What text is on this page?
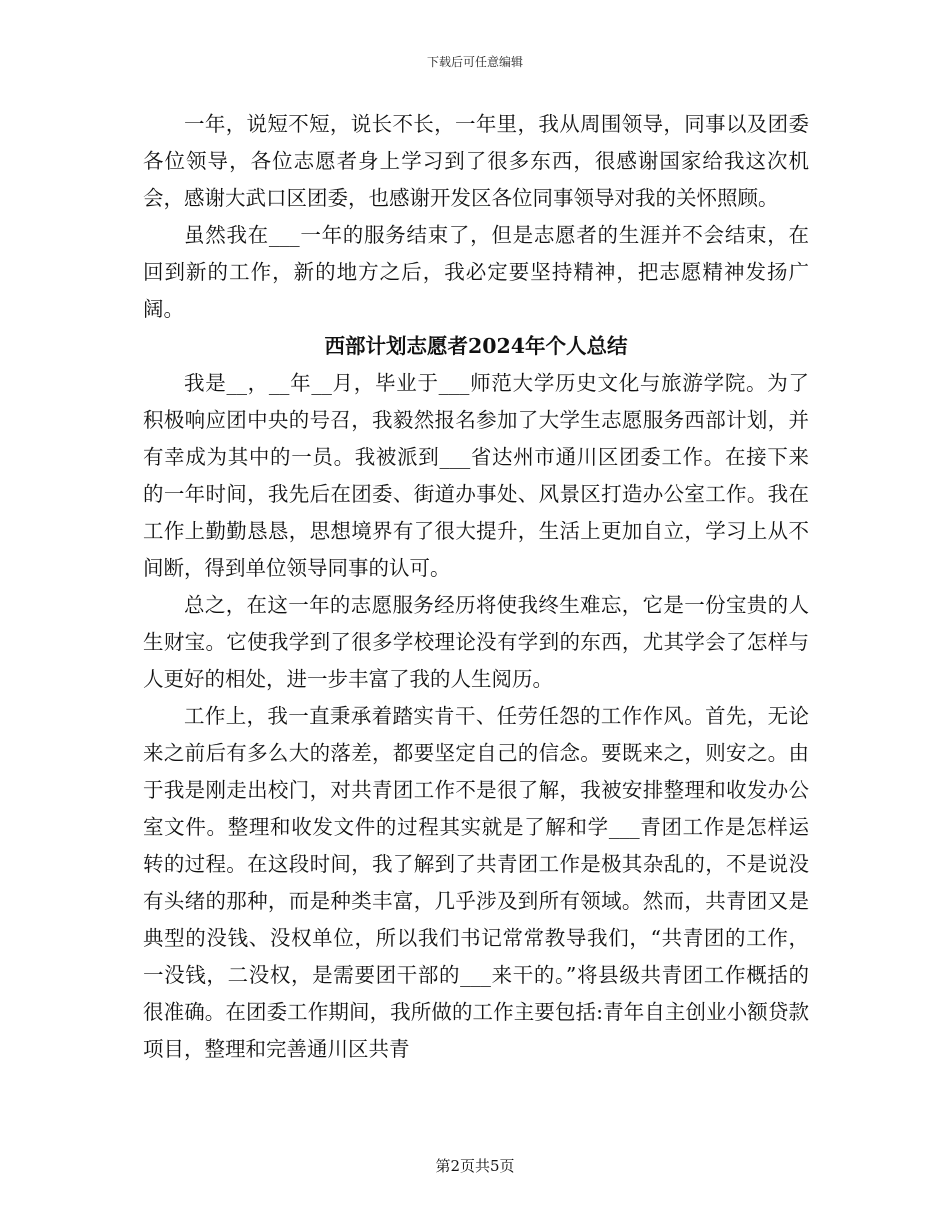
下载后可任意编辑

一年，说短不短，说长不长，一年里，我从周围领导，同事以及团委各位领导，各位志愿者身上学习到了很多东西，很感谢国家给我这次机会，感谢大武口区团委，也感谢开发区各位同事领导对我的关怀照顾。

虽然我在___一年的服务结束了，但是志愿者的生涯并不会结束，在回到新的工作，新的地方之后，我必定要坚持精神，把志愿精神发扬广阔。

西部计划志愿者2024年个人总结

我是__，__年__月，毕业于___师范大学历史文化与旅游学院。为了积极响应团中央的号召，我毅然报名参加了大学生志愿服务西部计划，并有幸成为其中的一员。我被派到___省达州市通川区团委工作。在接下来的一年时间，我先后在团委、街道办事处、风景区打造办公室工作。我在工作上勤勤恳恳，思想境界有了很大提升，生活上更加自立，学习上从不间断，得到单位领导同事的认可。

总之，在这一年的志愿服务经历将使我终生难忘，它是一份宝贵的人生财宝。它使我学到了很多学校理论没有学到的东西，尤其学会了怎样与人更好的相处，进一步丰富了我的人生阅历。

工作上，我一直秉承着踏实肯干、任劳任怨的工作作风。首先，无论来之前后有多么大的落差，都要坚定自己的信念。要既来之，则安之。由于我是刚走出校门，对共青团工作不是很了解，我被安排整理和收发办公室文件。整理和收发文件的过程其实就是了解和学___青团工作是怎样运转的过程。在这段时间，我了解到了共青团工作是极其杂乱的，不是说没有头绪的那种，而是种类丰富，几乎涉及到所有领域。然而，共青团又是典型的没钱、没权单位，所以我们书记常常教导我们，“共青团的工作，一没钱，二没权，是需要团干部的___来干的。”将县级共青团工作概括的很准确。在团委工作期间，我所做的工作主要包括:青年自主创业小额贷款项目，整理和完善通川区共青

第2页共5页
